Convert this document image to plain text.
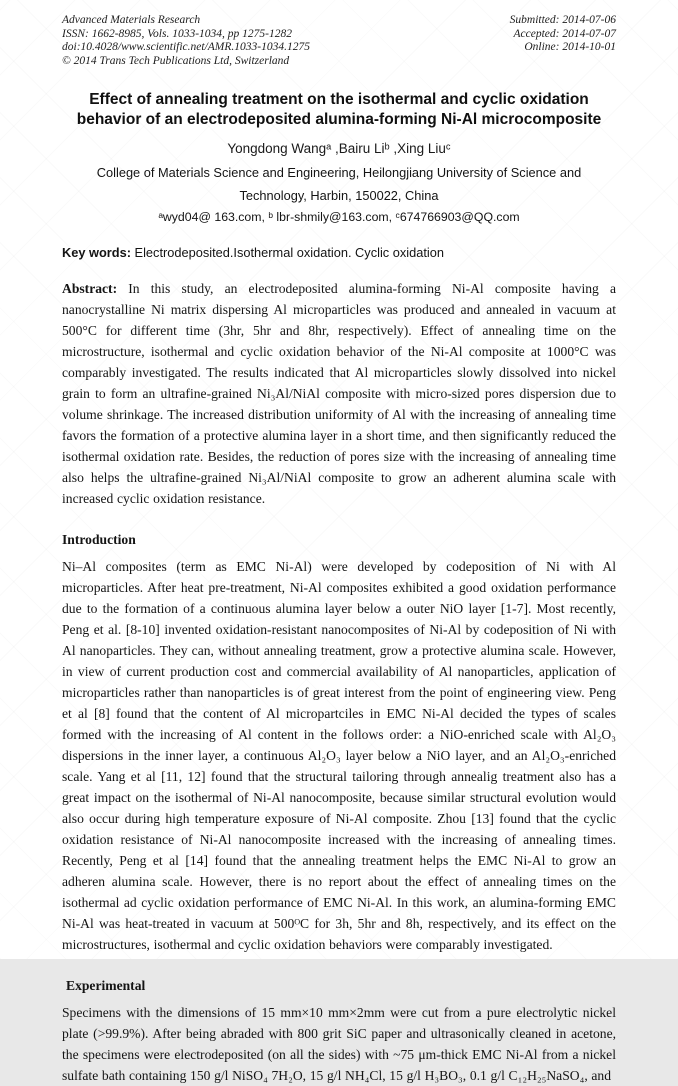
Advanced Materials Research
ISSN: 1662-8985, Vols. 1033-1034, pp 1275-1282
doi:10.4028/www.scientific.net/AMR.1033-1034.1275
© 2014 Trans Tech Publications Ltd, Switzerland
Submitted: 2014-07-06
Accepted: 2014-07-07
Online: 2014-10-01
Effect of annealing treatment on the isothermal and cyclic oxidation behavior of an electrodeposited alumina-forming Ni-Al microcomposite
Yongdong Wangᵃ ,Bairu Liᵇ ,Xing Liuᶜ
College of Materials Science and Engineering, Heilongjiang University of Science and Technology, Harbin, 150022, China
ᵃwyd04@ 163.com, ᵇ lbr-shmily@163.com, ᶜ674766903@QQ.com

Key words: Electrodeposited.Isothermal oxidation. Cyclic oxidation

Abstract: In this study, an electrodeposited alumina-forming Ni-Al composite having a nanocrystalline Ni matrix dispersing Al microparticles was produced and annealed in vacuum at 500°C for different time (3hr, 5hr and 8hr, respectively). Effect of annealing time on the microstructure, isothermal and cyclic oxidation behavior of the Ni-Al composite at 1000°C was comparably investigated. The results indicated that Al microparticles slowly dissolved into nickel grain to form an ultrafine-grained Ni₃Al/NiAl composite with micro-sized pores dispersion due to volume shrinkage. The increased distribution uniformity of Al with the increasing of annealing time favors the formation of a protective alumina layer in a short time, and then significantly reduced the isothermal oxidation rate. Besides, the reduction of pores size with the increasing of annealing time also helps the ultrafine-grained Ni₃Al/NiAl composite to grow an adherent alumina scale with increased cyclic oxidation resistance.

Introduction

Ni–Al composites (term as EMC Ni-Al) were developed by codeposition of Ni with Al microparticles. After heat pre-treatment, Ni-Al composites exhibited a good oxidation performance due to the formation of a continuous alumina layer below a outer NiO layer [1-7]. Most recently, Peng et al. [8-10] invented oxidation-resistant nanocomposites of Ni-Al by codeposition of Ni with Al nanoparticles. They can, without annealing treatment, grow a protective alumina scale. However, in view of current production cost and commercial availability of Al nanoparticles, application of microparticles rather than nanoparticles is of great interest from the point of engineering view. Peng et al [8] found that the content of Al micropartciles in EMC Ni-Al decided the types of scales formed with the increasing of Al content in the follows order: a NiO-enriched scale with Al₂O₃ dispersions in the inner layer, a continuous Al₂O₃ layer below a NiO layer, and an Al₂O₃-enriched scale. Yang et al [11, 12] found that the structural tailoring through annealig treatment also has a great impact on the isothermal of Ni-Al nanocomposite, because similar structural evolution would also occur during high temperature exposure of Ni-Al composite. Zhou [13] found that the cyclic oxidation resistance of Ni-Al nanocomposite increased with the increasing of annealing times. Recently, Peng et al [14] found that the annealing treatment helps the EMC Ni-Al to grow an adheren alumina scale. However, there is no report about the effect of annealing times on the isothermal ad cyclic oxidation performance of EMC Ni-Al. In this work, an alumina-forming EMC Ni-Al was heat-treated in vacuum at 500ᴼC for 3h, 5hr and 8h, respectively, and its effect on the microstructures, isothermal and cyclic oxidation behaviors were comparably investigated.

Experimental

Specimens with the dimensions of 15 mm×10 mm×2mm were cut from a pure electrolytic nickel plate (>99.9%). After being abraded with 800 grit SiC paper and ultrasonically cleaned in acetone, the specimens were electrodeposited (on all the sides) with ~75 μm-thick EMC Ni-Al from a nickel sulfate bath containing 150 g/l NiSO₄ 7H₂O, 15 g/l NH₄Cl, 15 g/l H₃BO₃, 0.1 g/l C₁₂H₂₅NaSO₄, and
